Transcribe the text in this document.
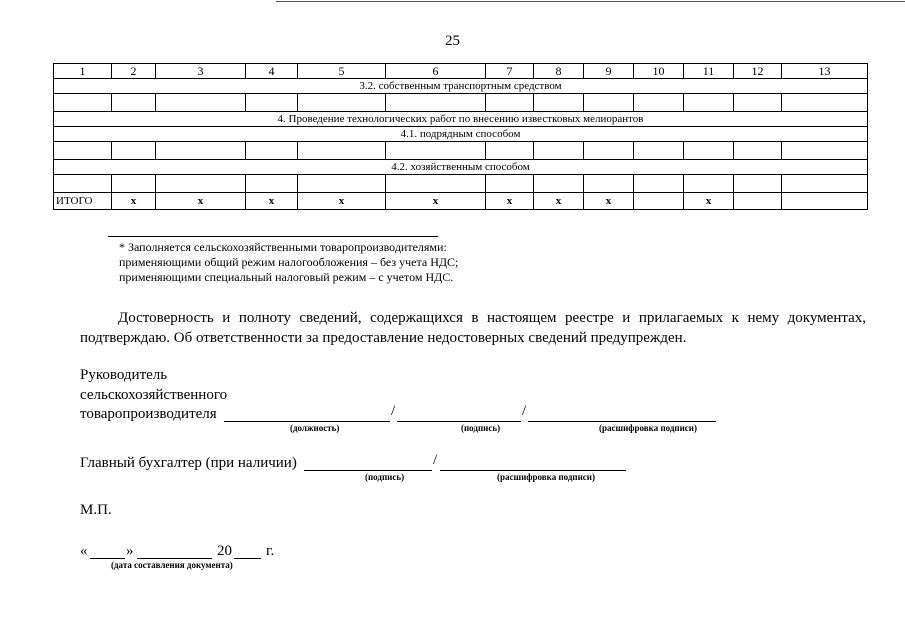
25
1	2	3	4	5	6	7	8	9	10	11	12	13
3.2. собственным транспортным средством												

4. Проведение технологических работ по внесению известковых мелиорантов												
4.1. подрядным способом												

4.2. хозяйственным способом												

ИТОГО	х	х	х	х	х	х	х	х		х		
* Заполняется сельскохозяйственными товаропроизводителями:
применяющими общий режим налогообложения – без учета НДС;
применяющими специальный налоговый режим – с учетом НДС.
Достоверность и полноту сведений, содержащихся в настоящем реестре и прилагаемых к нему документах, подтверждаю. Об ответственности за предоставление недостоверных сведений предупрежден.
Руководитель
сельскохозяйственного
товаропроизводителя	/	/
(должность)	(подпись)	(расшифровка подписи)
Главный бухгалтер (при наличии)	/
(подпись)	(расшифровка подписи)
М.П.
«	»	20 г.
(дата составления документа)
